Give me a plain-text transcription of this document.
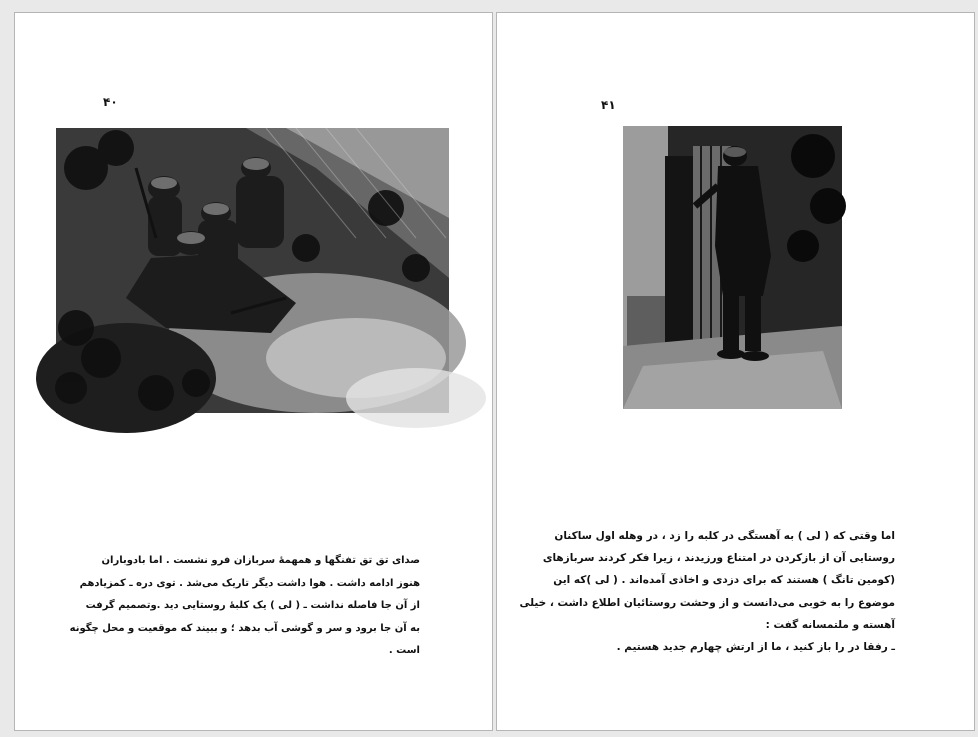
۴۰
صدای تق تق تفنگها و همهمهٔ سربازان فرو نشست . اما بادوباران
هنوز ادامه داشت . هوا داشت دیگر تاریک می‌شد . توی دره ـ کمزیادهم
از آن جا فاصله نداشت ـ ( لی ) یک کلبهٔ روستایی دید .وتصمیم گرفت
به آن جا برود و سر و گوشی آب بدهد ؛ و ببیند که موقعیت و محل چگونه
است .
۴۱
اما وقتی که ( لی ) به آهستگی در کلبه را زد ، در وهله اول ساکنان
روستایی آن از بازکردن در امتناع ورزیدند ، زیرا فکر کردند سربازهای
(کومین تانگ ) هستند که برای دزدی و اخاذی آمده‌اند . ( لی )که این
موضوع را به خوبی می‌دانست و از وحشت روستائیان اطلاع داشت ، خیلی
آهسته و ملتمسانه گفت :
ـ رفقا در را باز کنید ، ما از ارتش چهارم جدید هستیم .
